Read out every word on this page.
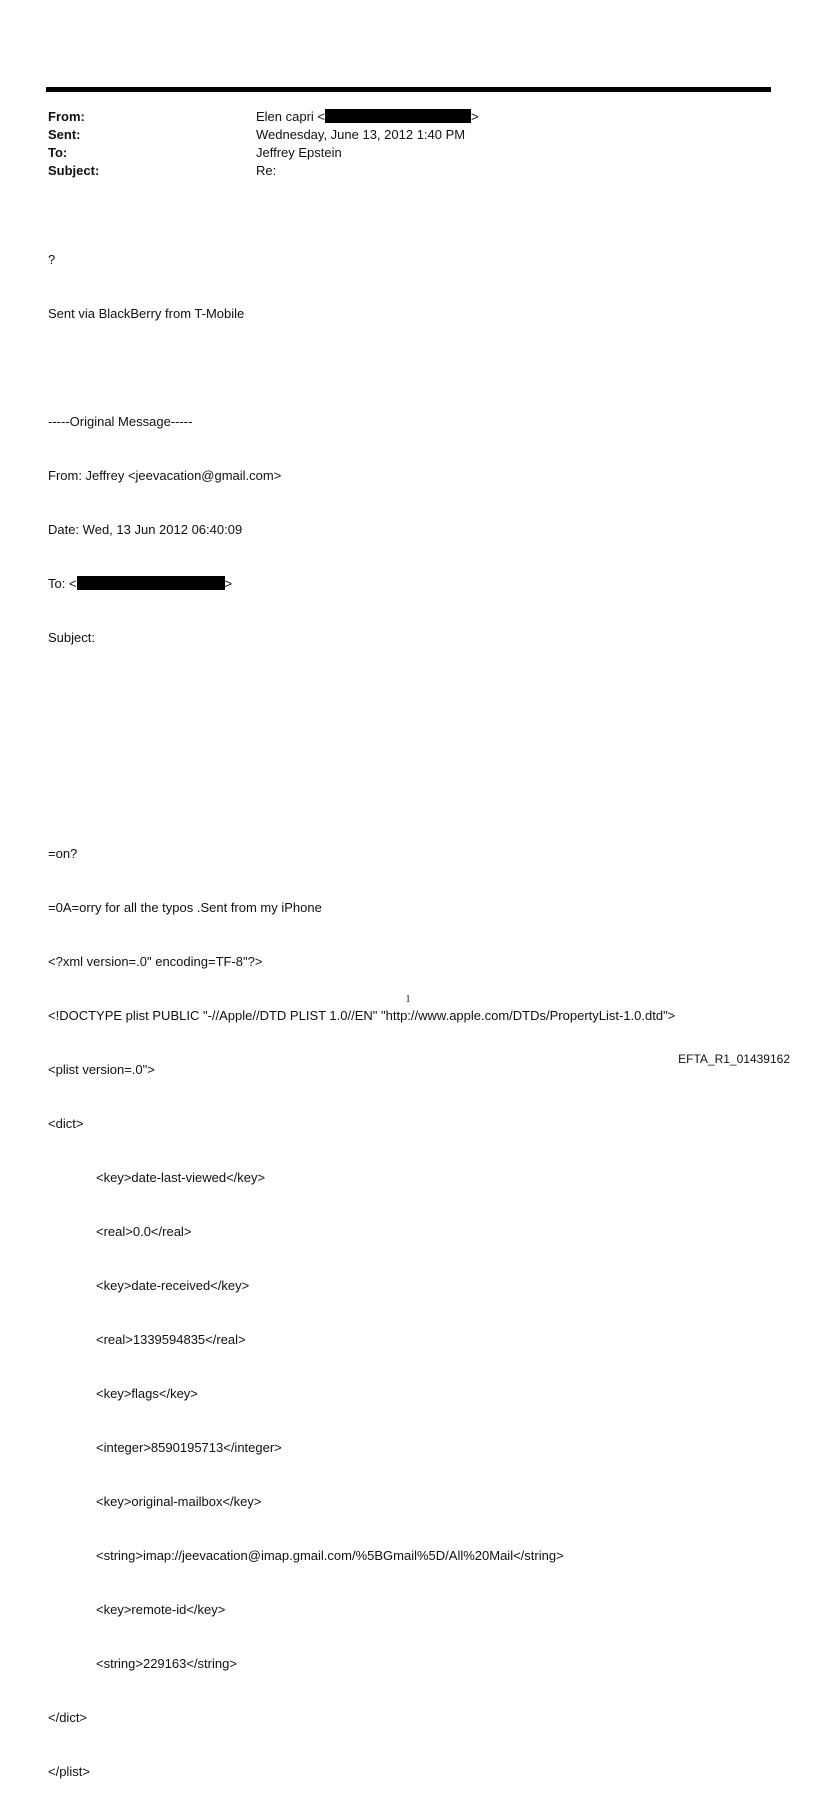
From:	Elen capri <	>
Sent:	Wednesday, June 13, 2012 1:40 PM
To:	Jeffrey Epstein
Subject:	Re:

?

Sent via BlackBerry from T-Mobile

-----Original Message-----

From: Jeffrey <jeevacation@gmail.com>

Date: Wed, 13 Jun 2012 06:40:09

To: <	>

Subject:

=on?

=0A=orry for all the typos .Sent from my iPhone

<?xml version=.0" encoding=TF-8"?>

<!DOCTYPE plist PUBLIC "-//Apple//DTD PLIST 1.0//EN" "http://www.apple.com/DTDs/PropertyList-1.0.dtd">

<plist version=.0">

<dict>

<key>date-last-viewed</key>

<real>0.0</real>

<key>date-received</key>

<real>1339594835</real>

<key>flags</key>

<integer>8590195713</integer>

<key>original-mailbox</key>

<string>imap://jeevacation@imap.gmail.com/%5BGmail%5D/All%20Mail</string>

<key>remote-id</key>

<string>229163</string>

</dict>

</plist>

1
EFTA_R1_01439162
